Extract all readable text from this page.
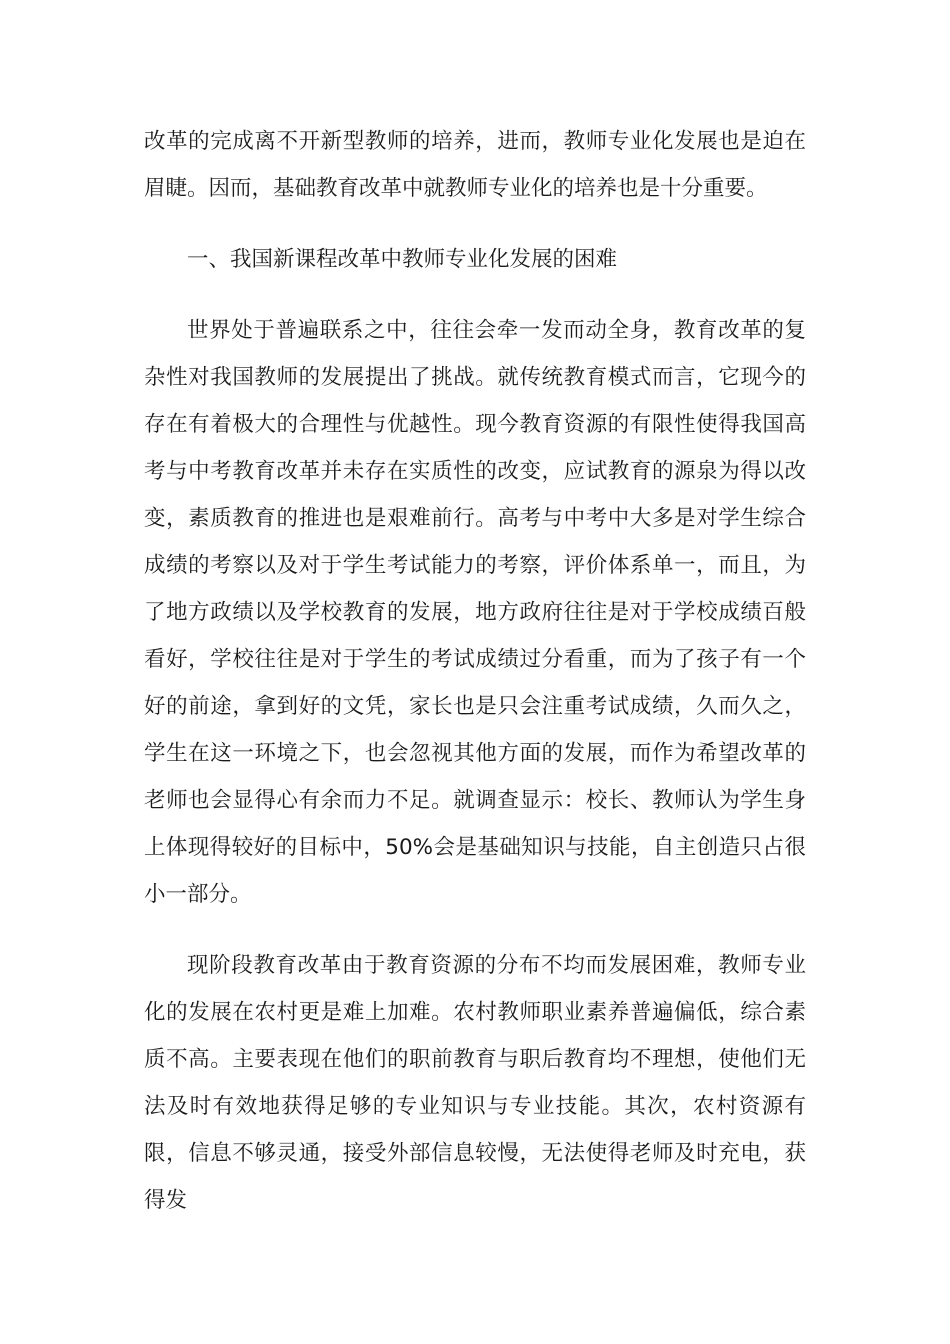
改革的完成离不开新型教师的培养，进而，教师专业化发展也是迫在眉睫。因而，基础教育改革中就教师专业化的培养也是十分重要。

一、我国新课程改革中教师专业化发展的困难

世界处于普遍联系之中，往往会牵一发而动全身，教育改革的复杂性对我国教师的发展提出了挑战。就传统教育模式而言，它现今的存在有着极大的合理性与优越性。现今教育资源的有限性使得我国高考与中考教育改革并未存在实质性的改变，应试教育的源泉为得以改变，素质教育的推进也是艰难前行。高考与中考中大多是对学生综合成绩的考察以及对于学生考试能力的考察，评价体系单一，而且，为了地方政绩以及学校教育的发展，地方政府往往是对于学校成绩百般看好，学校往往是对于学生的考试成绩过分看重，而为了孩子有一个好的前途，拿到好的文凭，家长也是只会注重考试成绩，久而久之，学生在这一环境之下，也会忽视其他方面的发展，而作为希望改革的老师也会显得心有余而力不足。就调查显示：校长、教师认为学生身上体现得较好的目标中，50%会是基础知识与技能，自主创造只占很小一部分。

现阶段教育改革由于教育资源的分布不均而发展困难，教师专业化的发展在农村更是难上加难。农村教师职业素养普遍偏低，综合素质不高。主要表现在他们的职前教育与职后教育均不理想，使他们无法及时有效地获得足够的专业知识与专业技能。其次，农村资源有限，信息不够灵通，接受外部信息较慢，无法使得老师及时充电，获得发
